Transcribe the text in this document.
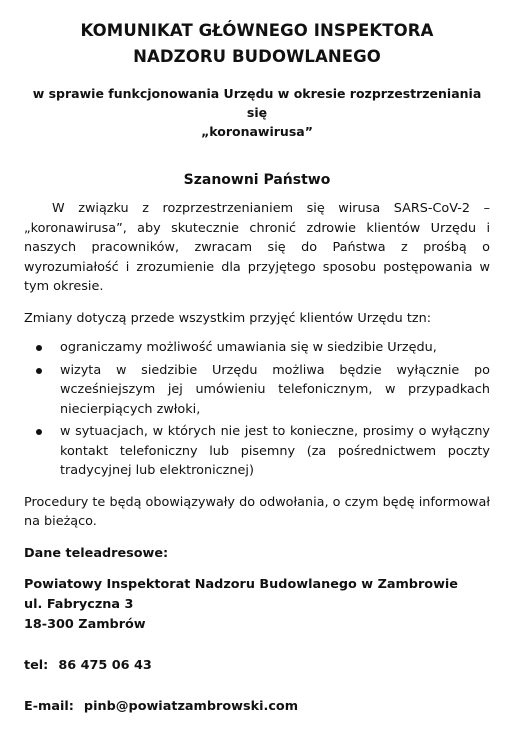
KOMUNIKAT GŁÓWNEGO INSPEKTORA
NADZORU BUDOWLANEGO

w sprawie funkcjonowania Urzędu w okresie rozprzestrzeniania się
„koronawirusa”

Szanowni Państwo

W związku z rozprzestrzenianiem się wirusa SARS-CoV-2 – „koronawirusa”, aby skutecznie chronić zdrowie klientów Urzędu i naszych pracowników, zwracam się do Państwa z prośbą o wyrozumiałość i zrozumienie dla przyjętego sposobu postępowania w tym okresie.

Zmiany dotyczą przede wszystkim przyjęć klientów Urzędu tzn:

ograniczamy możliwość umawiania się w siedzibie Urzędu,
wizyta w siedzibie Urzędu możliwa będzie wyłącznie po wcześniejszym jej umówieniu telefonicznym, w przypadkach niecierpiących zwłoki,
w sytuacjach, w których nie jest to konieczne, prosimy o wyłączny kontakt telefoniczny lub pisemny (za pośrednictwem poczty tradycyjnej lub elektronicznej)

Procedury te będą obowiązywały do odwołania, o czym będę informował na bieżąco.

Dane teleadresowe:

Powiatowy Inspektorat Nadzoru Budowlanego w Zambrowie
ul. Fabryczna 3
18-300 Zambrów
tel: 86 475 06 43
E-mail: pinb@powiatzambrowski.com
